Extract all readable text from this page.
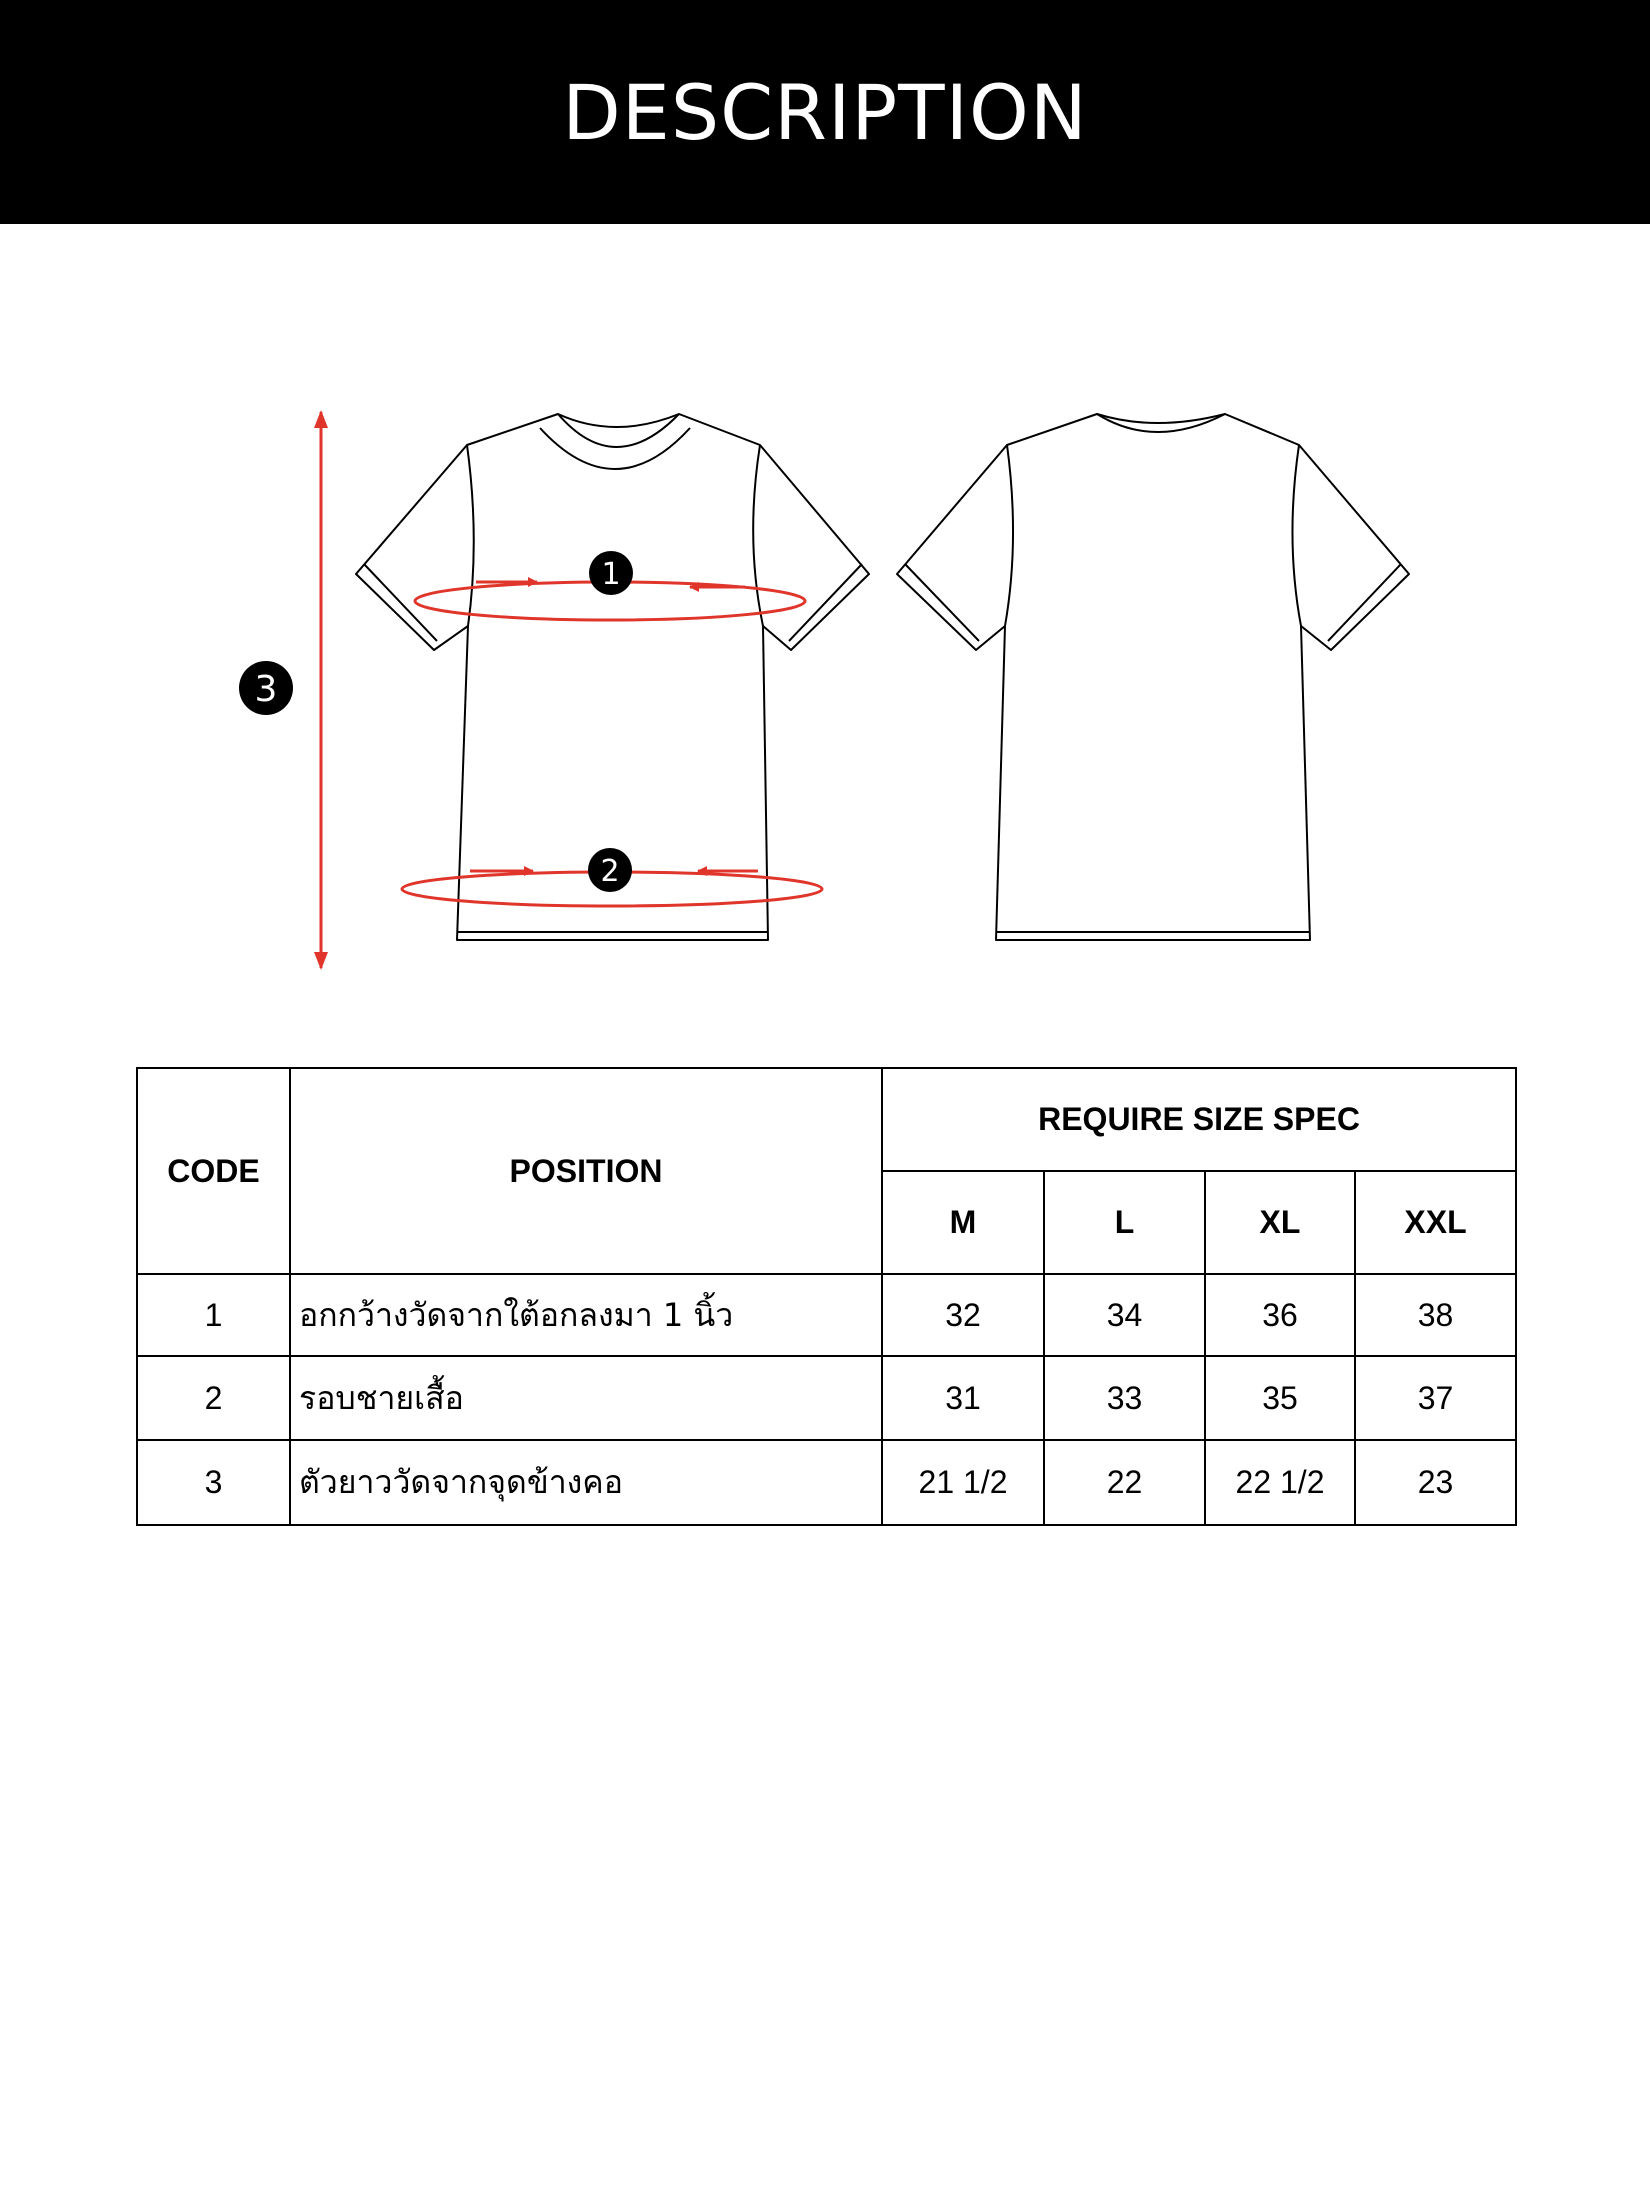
DESCRIPTION
1
2
3
CODE	POSITION	REQUIRE SIZE SPEC			
		M	L	XL	XXL
1	อกกว้างวัดจากใต้อกลงมา 1 นิ้ว	32	34	36	38
2	รอบชายเสื้อ	31	33	35	37
3	ตัวยาววัดจากจุดข้างคอ	21 1/2	22	22 1/2	23
